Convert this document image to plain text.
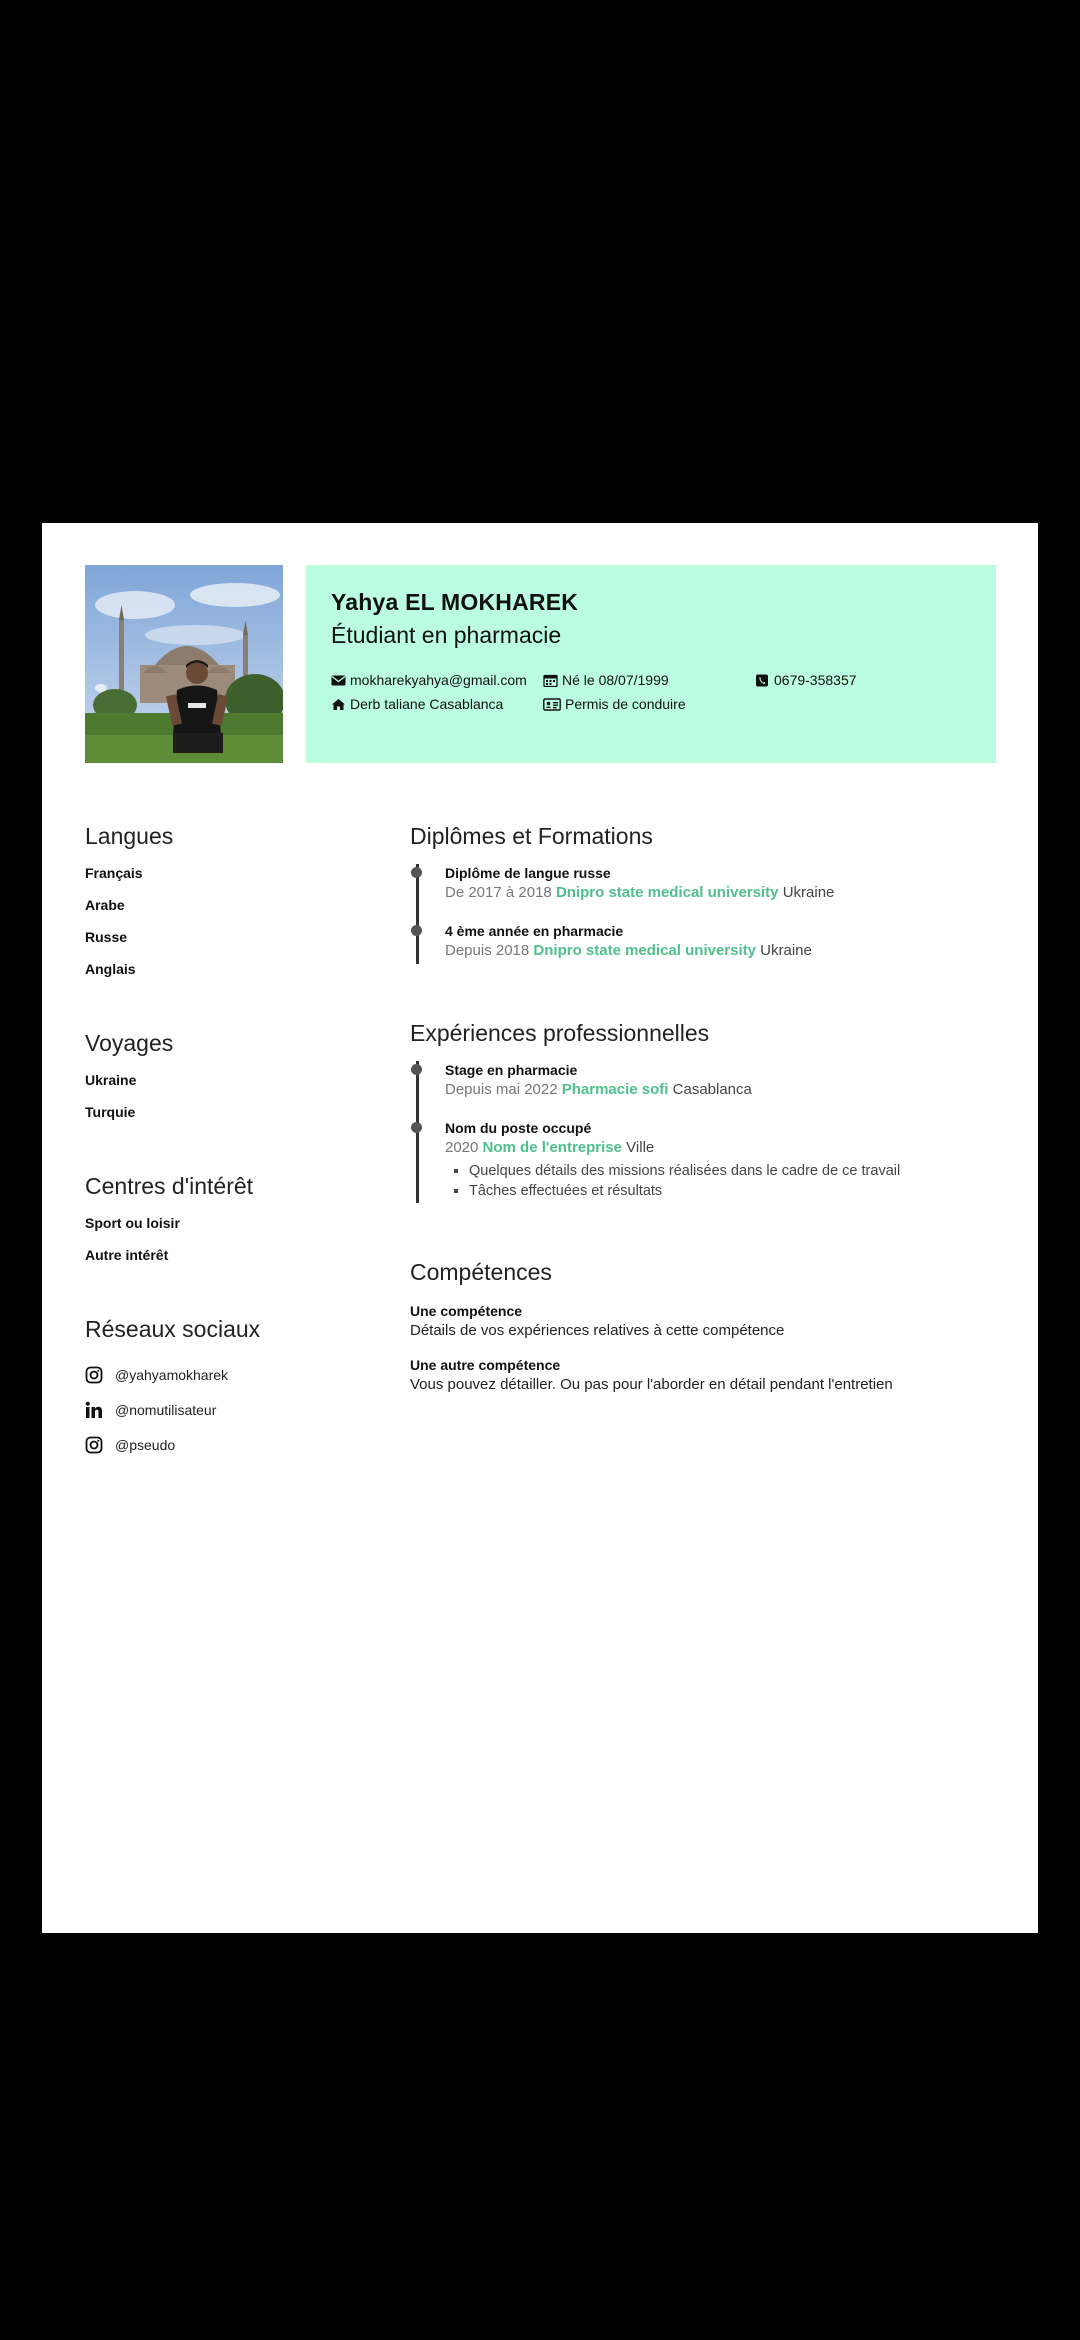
Yahya EL MOKHAREK
Étudiant en pharmacie
mokharekyahya@gmail.com	Né le 08/07/1999	0679-358357
Derb taliane Casablanca	Permis de conduire
Langues
Français
Arabe
Russe
Anglais
Voyages
Ukraine
Turquie
Centres d'intérêt
Sport ou loisir
Autre intérêt
Réseaux sociaux
@yahyamokharek
@nomutilisateur
@pseudo
Diplômes et Formations
Diplôme de langue russe
De 2017 à 2018 Dnipro state medical university Ukraine
4 ème année en pharmacie
Depuis 2018 Dnipro state medical university Ukraine
Expériences professionnelles
Stage en pharmacie
Depuis mai 2022 Pharmacie sofi Casablanca
Nom du poste occupé
2020 Nom de l'entreprise Ville
▪ Quelques détails des missions réalisées dans le cadre de ce travail
▪ Tâches effectuées et résultats
Compétences
Une compétence
Détails de vos expériences relatives à cette compétence
Une autre compétence
Vous pouvez détailler. Ou pas pour l'aborder en détail pendant l'entretien
